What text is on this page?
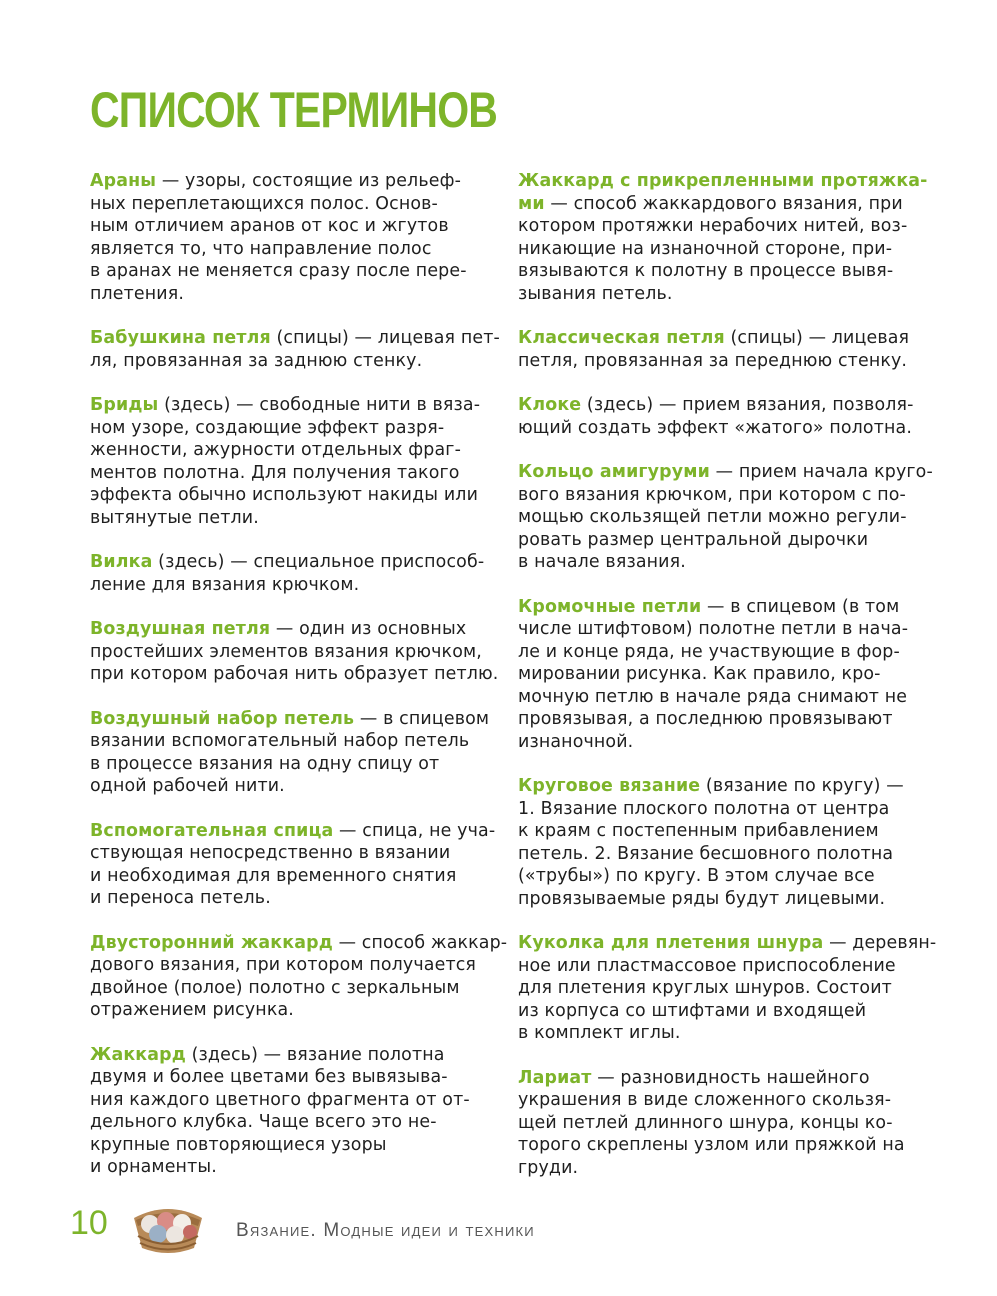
СПИСОК ТЕРМИНОВ
Араны — узоры, состоящие из рельеф-
ных переплетающихся полос. Основ-
ным отличием аранов от кос и жгутов
является то, что направление полос
в аранах не меняется сразу после пере-
плетения.
Бабушкина петля (спицы) — лицевая пет-
ля, провязанная за заднюю стенку.
Бриды (здесь) — свободные нити в вяза-
ном узоре, создающие эффект разря-
женности, ажурности отдельных фраг-
ментов полотна. Для получения такого
эффекта обычно используют накиды или
вытянутые петли.
Вилка (здесь) — специальное приспособ-
ление для вязания крючком.
Воздушная петля — один из основных
простейших элементов вязания крючком,
при котором рабочая нить образует петлю.
Воздушный набор петель — в спицевом
вязании вспомогательный набор петель
в процессе вязания на одну спицу от
одной рабочей нити.
Вспомогательная спица — спица, не уча-
ствующая непосредственно в вязании
и необходимая для временного снятия
и переноса петель.
Двусторонний жаккард — способ жаккар-
дового вязания, при котором получается
двойное (полое) полотно с зеркальным
отражением рисунка.
Жаккард (здесь) — вязание полотна
двумя и более цветами без вывязыва-
ния каждого цветного фрагмента от от-
дельного клубка. Чаще всего это не-
крупные повторяющиеся узоры
и орнаменты.
Жаккард с прикрепленными протяжка-
ми — способ жаккардового вязания, при
котором протяжки нерабочих нитей, воз-
никающие на изнаночной стороне, при-
вязываются к полотну в процессе вывя-
зывания петель.
Классическая петля (спицы) — лицевая
петля, провязанная за переднюю стенку.
Клоке (здесь) — прием вязания, позволя-
ющий создать эффект «жатого» полотна.
Кольцо амигуруми — прием начала круго-
вого вязания крючком, при котором с по-
мощью скользящей петли можно регули-
ровать размер центральной дырочки
в начале вязания.
Кромочные петли — в спицевом (в том
числе штифтовом) полотне петли в нача-
ле и конце ряда, не участвующие в фор-
мировании рисунка. Как правило, кро-
мочную петлю в начале ряда снимают не
провязывая, а последнюю провязывают
изнаночной.
Круговое вязание (вязание по кругу) —
1. Вязание плоского полотна от центра
к краям с постепенным прибавлением
петель. 2. Вязание бесшовного полотна
(«трубы») по кругу. В этом случае все
провязываемые ряды будут лицевыми.
Куколка для плетения шнура — деревян-
ное или пластмассовое приспособление
для плетения круглых шнуров. Состоит
из корпуса со штифтами и входящей
в комплект иглы.
Лариат — разновидность нашейного
украшения в виде сложенного скользя-
щей петлей длинного шнура, концы ко-
торого скреплены узлом или пряжкой на
груди.
10	Вязание. Модные идеи и техники
